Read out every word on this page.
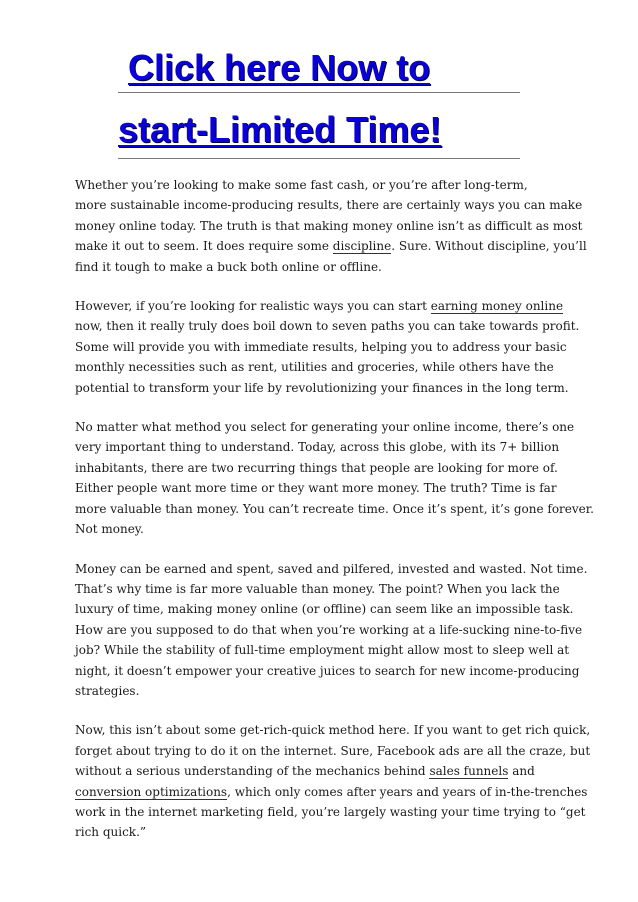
Click here Now to
start-Limited Time!

Whether you’re looking to make some fast cash, or you’re after long-term,
more sustainable income-producing results, there are certainly ways you can make
money online today. The truth is that making money online isn’t as difficult as most
make it out to seem. It does require some discipline. Sure. Without discipline, you’ll
find it tough to make a buck both online or offline.

However, if you’re looking for realistic ways you can start earning money online
now, then it really truly does boil down to seven paths you can take towards profit.
Some will provide you with immediate results, helping you to address your basic
monthly necessities such as rent, utilities and groceries, while others have the
potential to transform your life by revolutionizing your finances in the long term.

No matter what method you select for generating your online income, there’s one
very important thing to understand. Today, across this globe, with its 7+ billion
inhabitants, there are two recurring things that people are looking for more of.
Either people want more time or they want more money. The truth? Time is far
more valuable than money. You can’t recreate time. Once it’s spent, it’s gone forever.
Not money.

Money can be earned and spent, saved and pilfered, invested and wasted. Not time.
That’s why time is far more valuable than money. The point? When you lack the
luxury of time, making money online (or offline) can seem like an impossible task.
How are you supposed to do that when you’re working at a life-sucking nine-to-five
job? While the stability of full-time employment might allow most to sleep well at
night, it doesn’t empower your creative juices to search for new income-producing
strategies.

Now, this isn’t about some get-rich-quick method here. If you want to get rich quick,
forget about trying to do it on the internet. Sure, Facebook ads are all the craze, but
without a serious understanding of the mechanics behind sales funnels and
conversion optimizations, which only comes after years and years of in-the-trenches
work in the internet marketing field, you’re largely wasting your time trying to “get
rich quick.”
